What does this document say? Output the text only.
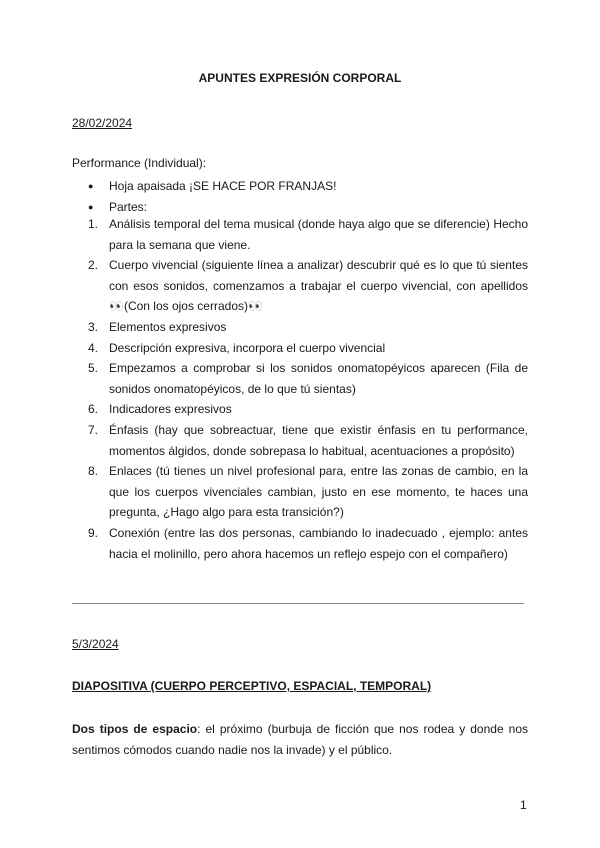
APUNTES EXPRESIÓN CORPORAL
28/02/2024
Performance (Individual):
● Hoja apaisada ¡SE HACE POR FRANJAS!
● Partes:
1. Análisis temporal del tema musical (donde haya algo que se diferencie) Hecho para la semana que viene.
2. Cuerpo vivencial (siguiente línea a analizar) descubrir qué es lo que tú sientes con esos sonidos, comenzamos a trabajar el cuerpo vivencial, con apellidos 👀(Con los ojos cerrados)👀
3. Elementos expresivos
4. Descripción expresiva, incorpora el cuerpo vivencial
5. Empezamos a comprobar si los sonidos onomatopéyicos aparecen (Fila de sonidos onomatopéyicos, de lo que tú sientas)
6. Indicadores expresivos
7. Énfasis (hay que sobreactuar, tiene que existir énfasis en tu performance, momentos álgidos, donde sobrepasa lo habitual, acentuaciones a propósito)
8. Enlaces (tú tienes un nivel profesional para, entre las zonas de cambio, en la que los cuerpos vivenciales cambian, justo en ese momento, te haces una pregunta, ¿Hago algo para esta transición?)
9. Conexión (entre las dos personas, cambiando lo inadecuado , ejemplo: antes hacia el molinillo, pero ahora hacemos un reflejo espejo con el compañero)
5/3/2024
DIAPOSITIVA (CUERPO PERCEPTIVO, ESPACIAL, TEMPORAL)
Dos tipos de espacio: el próximo (burbuja de ficción que nos rodea y donde nos sentimos cómodos cuando nadie nos la invade) y el público.
1
